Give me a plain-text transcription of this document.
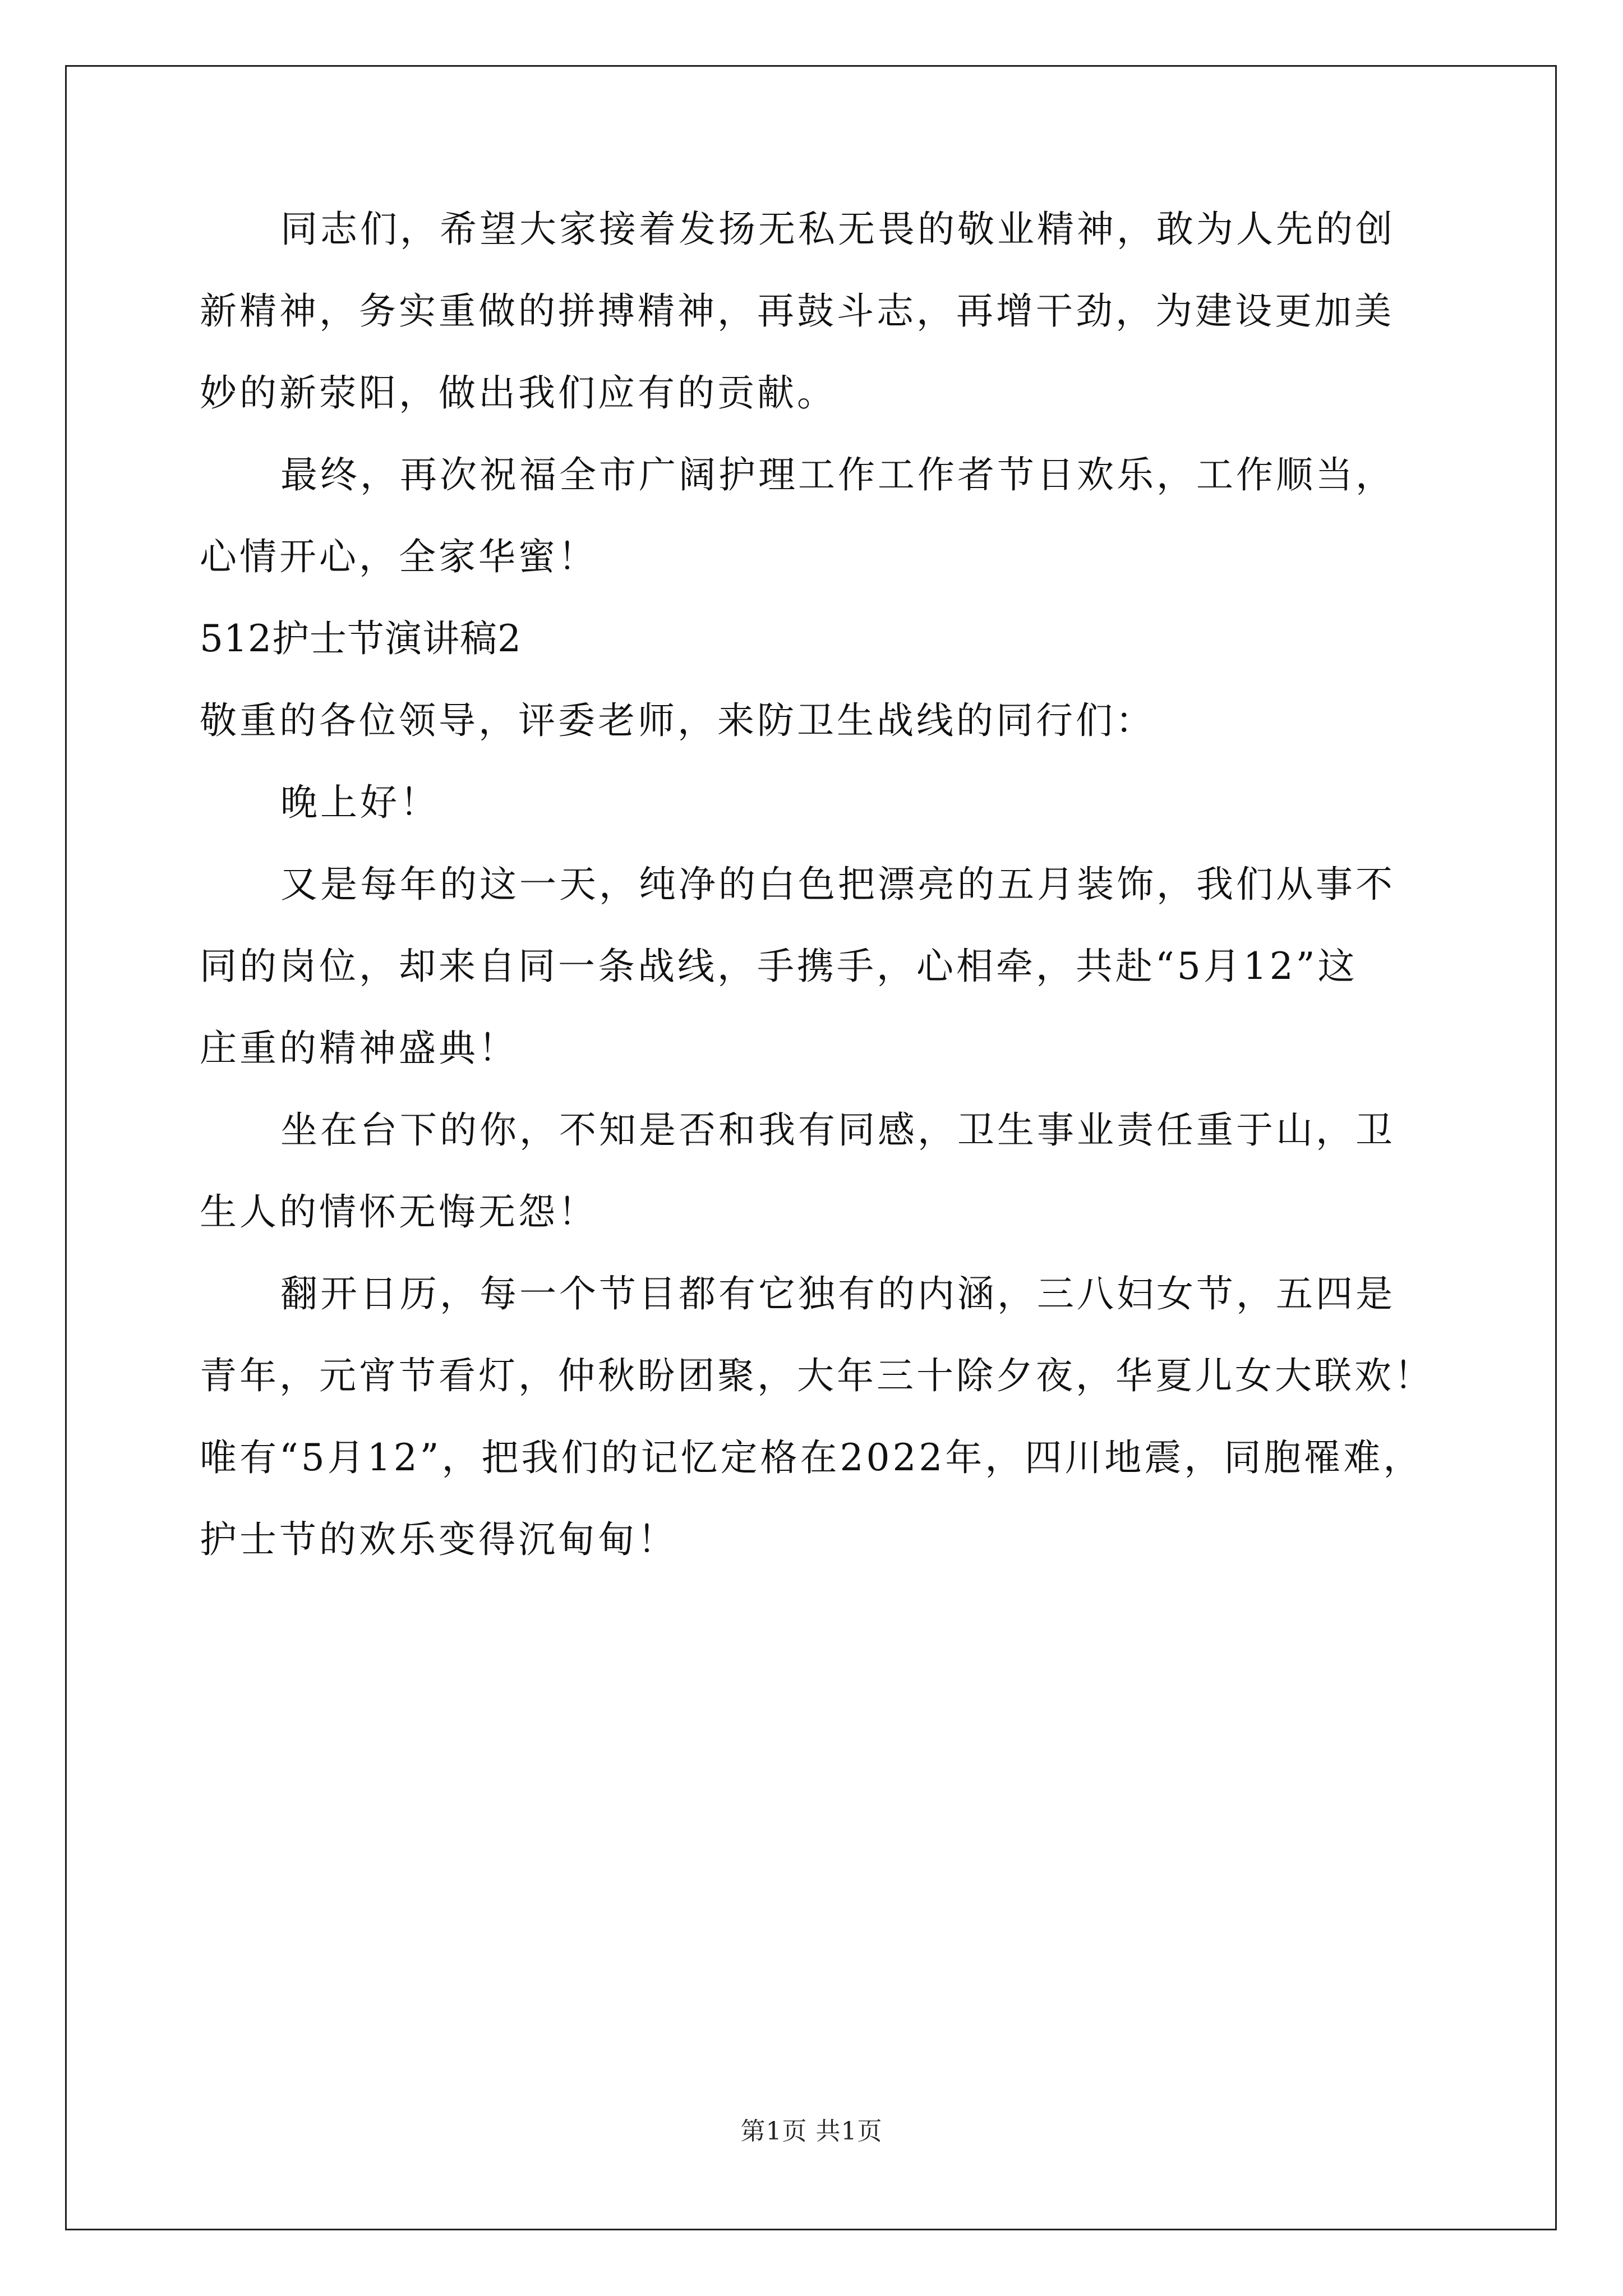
同志们，希望大家接着发扬无私无畏的敬业精神，敢为人先的创
新精神，务实重做的拼搏精神，再鼓斗志，再增干劲，为建设更加美
妙的新荥阳，做出我们应有的贡献。
最终，再次祝福全市广阔护理工作工作者节日欢乐，工作顺当，
心情开心，全家华蜜！
512护士节演讲稿2
敬重的各位领导，评委老师，来防卫生战线的同行们：
晚上好！
又是每年的这一天，纯净的白色把漂亮的五月装饰，我们从事不
同的岗位，却来自同一条战线，手携手，心相牵，共赴“5月12”这
庄重的精神盛典！
坐在台下的你，不知是否和我有同感，卫生事业责任重于山，卫
生人的情怀无悔无怨！
翻开日历，每一个节目都有它独有的内涵，三八妇女节，五四是
青年，元宵节看灯，仲秋盼团聚，大年三十除夕夜，华夏儿女大联欢！
唯有“5月12”，把我们的记忆定格在2022年，四川地震，同胞罹难，
护士节的欢乐变得沉甸甸！
第1页 共1页
